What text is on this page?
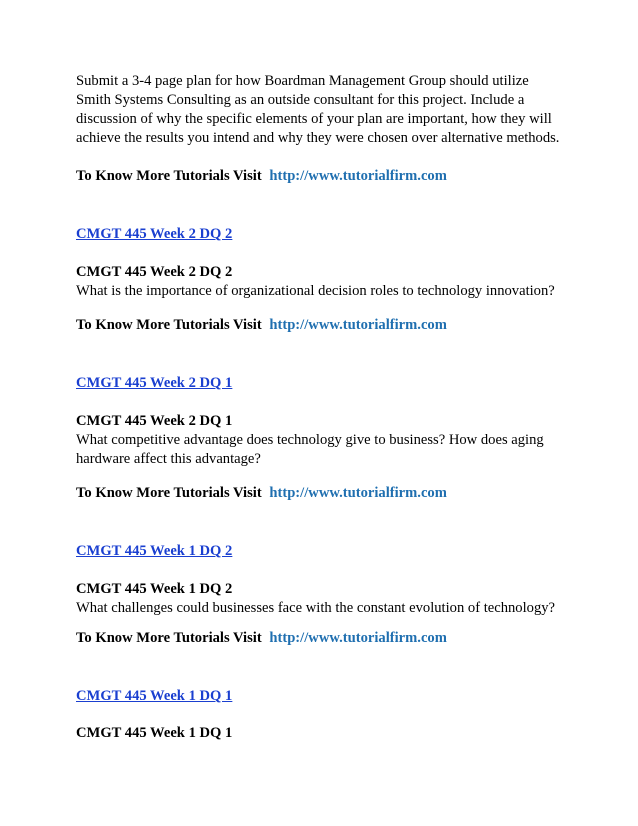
Submit a 3-4 page plan for how Boardman Management Group should utilize
Smith Systems Consulting as an outside consultant for this project. Include a
discussion of why the specific elements of your plan are important, how they will
achieve the results you intend and why they were chosen over alternative methods.
To Know More Tutorials Visit http://www.tutorialfirm.com
CMGT 445 Week 2 DQ 2
CMGT 445 Week 2 DQ 2
What is the importance of organizational decision roles to technology innovation?
To Know More Tutorials Visit http://www.tutorialfirm.com
CMGT 445 Week 2 DQ 1
CMGT 445 Week 2 DQ 1
What competitive advantage does technology give to business? How does aging
hardware affect this advantage?
To Know More Tutorials Visit http://www.tutorialfirm.com
CMGT 445 Week 1 DQ 2
CMGT 445 Week 1 DQ 2
What challenges could businesses face with the constant evolution of technology?
To Know More Tutorials Visit http://www.tutorialfirm.com
CMGT 445 Week 1 DQ 1
CMGT 445 Week 1 DQ 1
